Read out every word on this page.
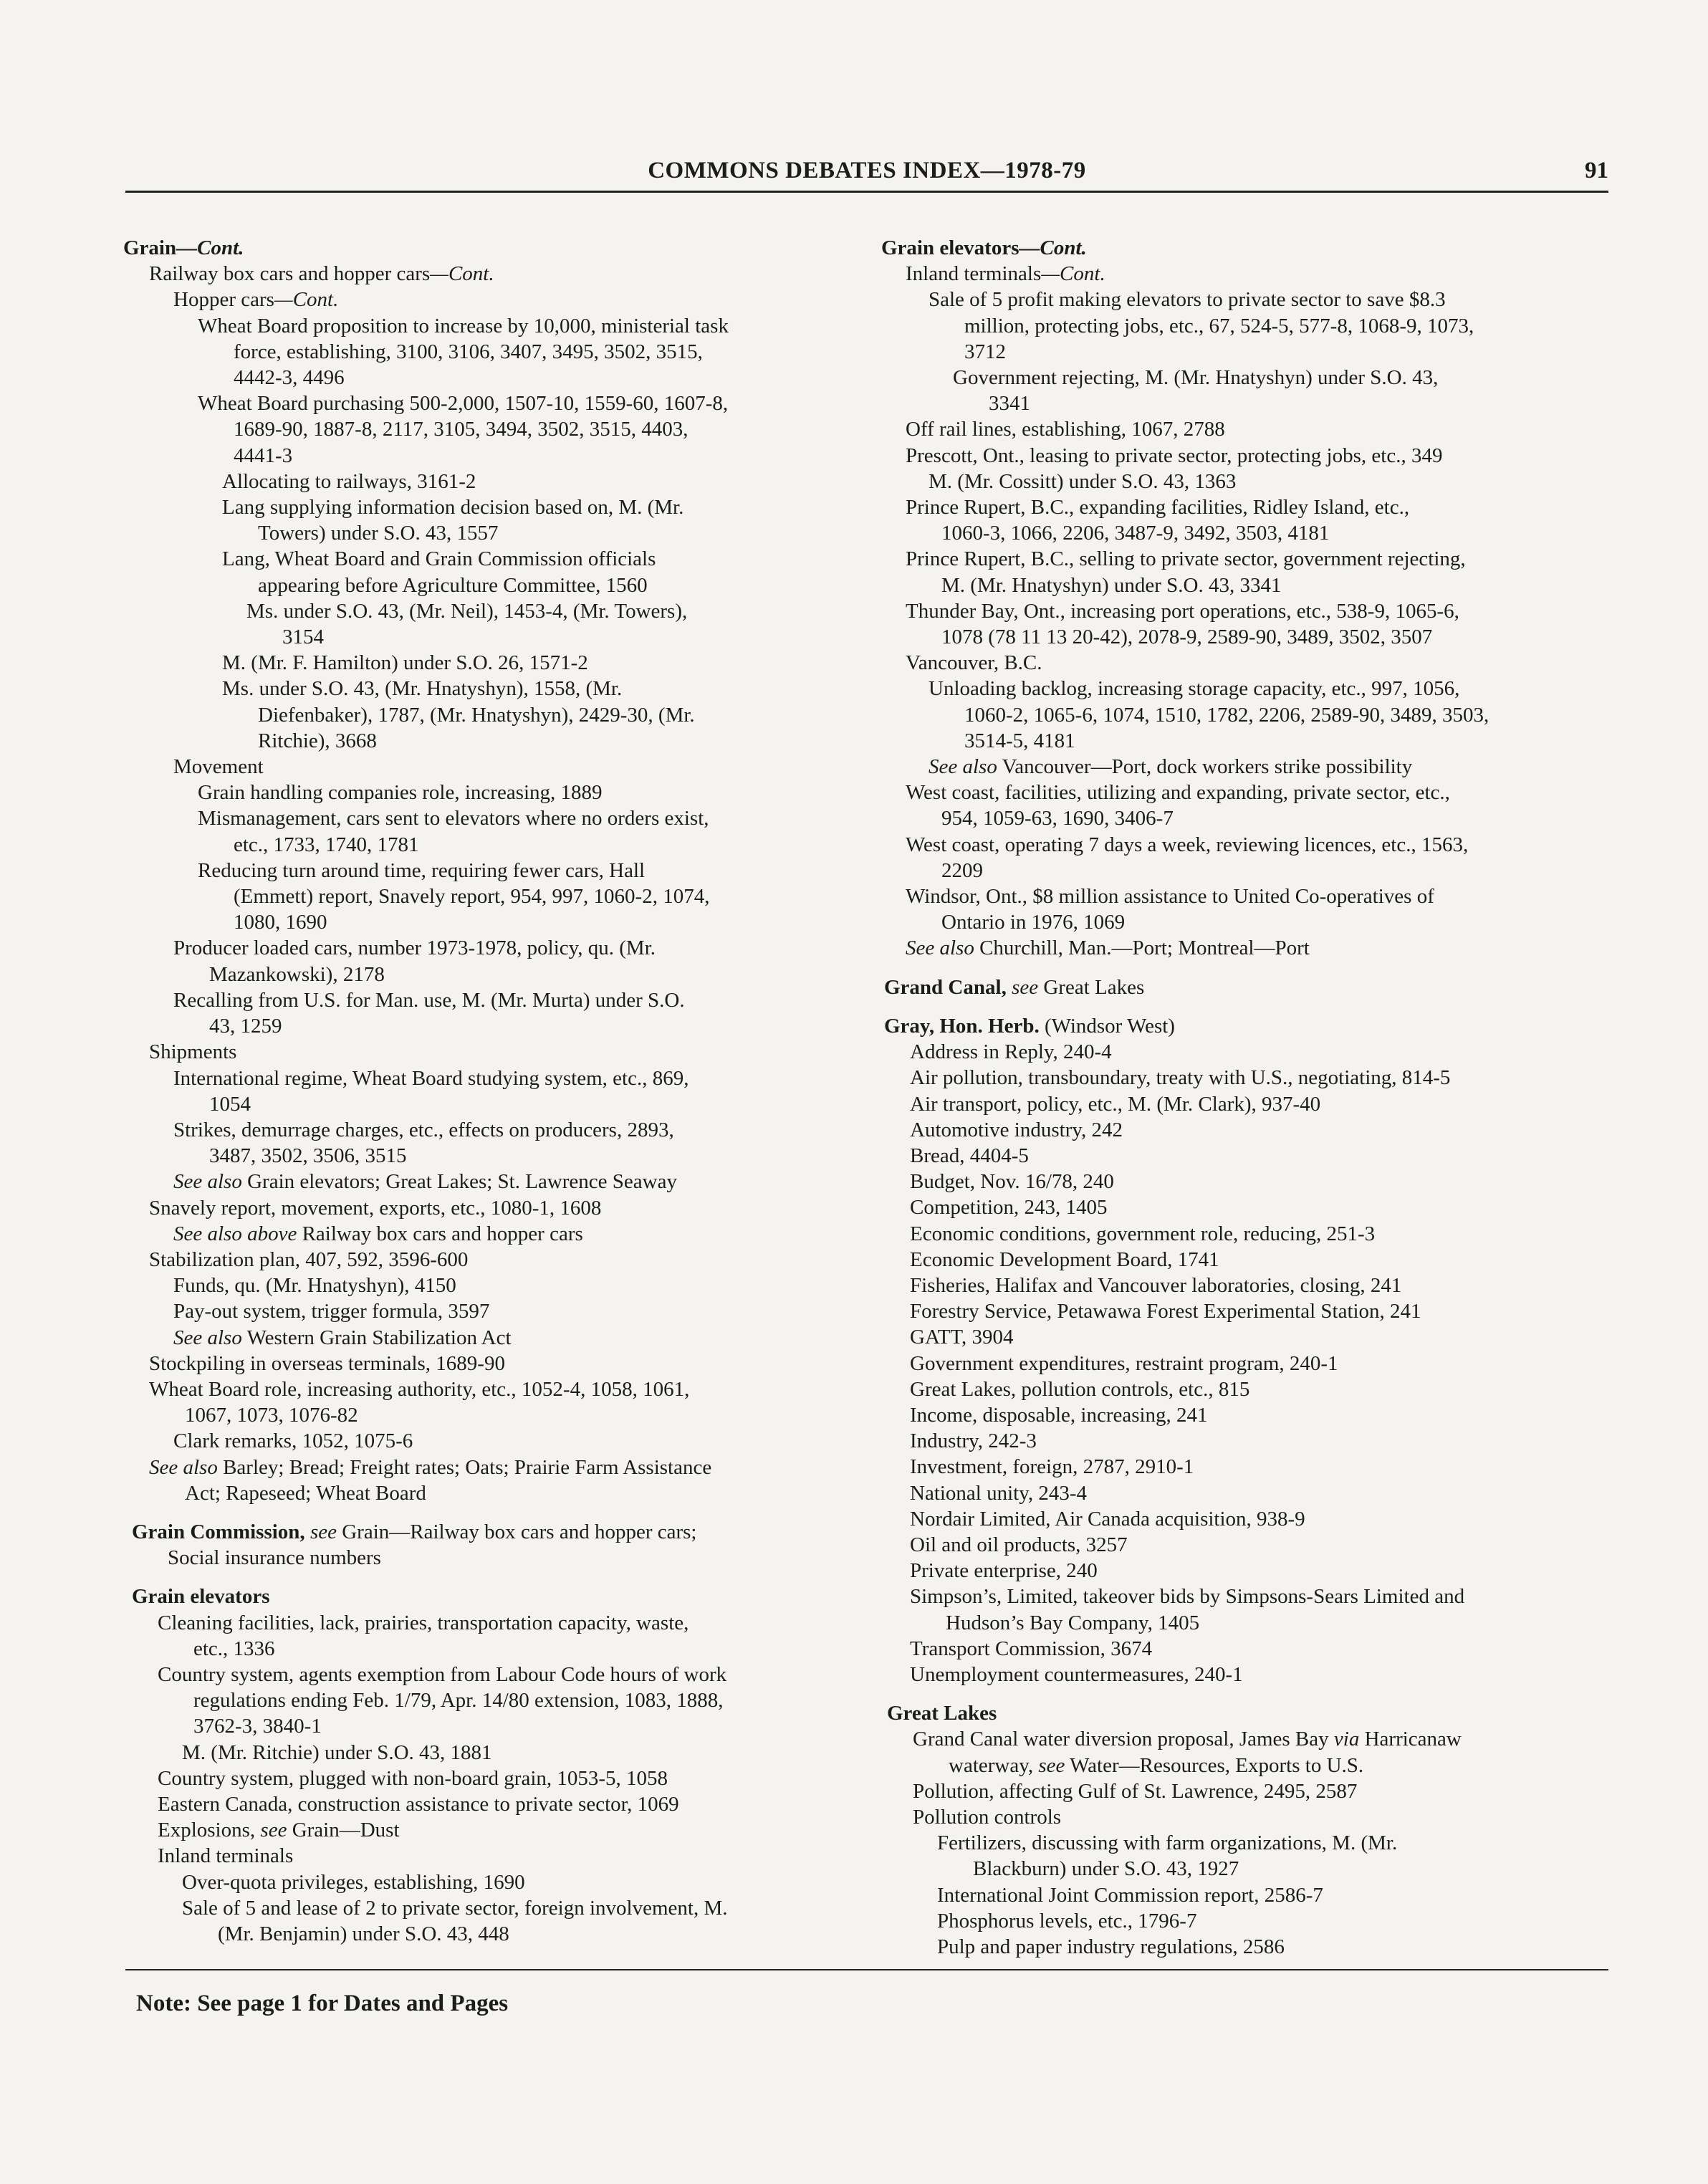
COMMONS DEBATES INDEX—1978-79	91
Grain—Cont.
Railway box cars and hopper cars—Cont.
Hopper cars—Cont.
Wheat Board proposition to increase by 10,000, ministerial task
force, establishing, 3100, 3106, 3407, 3495, 3502, 3515,
4442-3, 4496
Wheat Board purchasing 500-2,000, 1507-10, 1559-60, 1607-8,
1689-90, 1887-8, 2117, 3105, 3494, 3502, 3515, 4403,
4441-3
Allocating to railways, 3161-2
Lang supplying information decision based on, M. (Mr.
Towers) under S.O. 43, 1557
Lang, Wheat Board and Grain Commission officials
appearing before Agriculture Committee, 1560
Ms. under S.O. 43, (Mr. Neil), 1453-4, (Mr. Towers),
3154
M. (Mr. F. Hamilton) under S.O. 26, 1571-2
Ms. under S.O. 43, (Mr. Hnatyshyn), 1558, (Mr.
Diefenbaker), 1787, (Mr. Hnatyshyn), 2429-30, (Mr.
Ritchie), 3668
Movement
Grain handling companies role, increasing, 1889
Mismanagement, cars sent to elevators where no orders exist,
etc., 1733, 1740, 1781
Reducing turn around time, requiring fewer cars, Hall
(Emmett) report, Snavely report, 954, 997, 1060-2, 1074,
1080, 1690
Producer loaded cars, number 1973-1978, policy, qu. (Mr.
Mazankowski), 2178
Recalling from U.S. for Man. use, M. (Mr. Murta) under S.O.
43, 1259
Shipments
International regime, Wheat Board studying system, etc., 869,
1054
Strikes, demurrage charges, etc., effects on producers, 2893,
3487, 3502, 3506, 3515
See also Grain elevators; Great Lakes; St. Lawrence Seaway
Snavely report, movement, exports, etc., 1080-1, 1608
See also above Railway box cars and hopper cars
Stabilization plan, 407, 592, 3596-600
Funds, qu. (Mr. Hnatyshyn), 4150
Pay-out system, trigger formula, 3597
See also Western Grain Stabilization Act
Stockpiling in overseas terminals, 1689-90
Wheat Board role, increasing authority, etc., 1052-4, 1058, 1061,
1067, 1073, 1076-82
Clark remarks, 1052, 1075-6
See also Barley; Bread; Freight rates; Oats; Prairie Farm Assistance
Act; Rapeseed; Wheat Board
Grain Commission, see Grain—Railway box cars and hopper cars;
Social insurance numbers
Grain elevators
Cleaning facilities, lack, prairies, transportation capacity, waste,
etc., 1336
Country system, agents exemption from Labour Code hours of work
regulations ending Feb. 1/79, Apr. 14/80 extension, 1083, 1888,
3762-3, 3840-1
M. (Mr. Ritchie) under S.O. 43, 1881
Country system, plugged with non-board grain, 1053-5, 1058
Eastern Canada, construction assistance to private sector, 1069
Explosions, see Grain—Dust
Inland terminals
Over-quota privileges, establishing, 1690
Sale of 5 and lease of 2 to private sector, foreign involvement, M.
(Mr. Benjamin) under S.O. 43, 448
Grain elevators—Cont.
Inland terminals—Cont.
Sale of 5 profit making elevators to private sector to save $8.3
million, protecting jobs, etc., 67, 524-5, 577-8, 1068-9, 1073,
3712
Government rejecting, M. (Mr. Hnatyshyn) under S.O. 43,
3341
Off rail lines, establishing, 1067, 2788
Prescott, Ont., leasing to private sector, protecting jobs, etc., 349
M. (Mr. Cossitt) under S.O. 43, 1363
Prince Rupert, B.C., expanding facilities, Ridley Island, etc.,
1060-3, 1066, 2206, 3487-9, 3492, 3503, 4181
Prince Rupert, B.C., selling to private sector, government rejecting,
M. (Mr. Hnatyshyn) under S.O. 43, 3341
Thunder Bay, Ont., increasing port operations, etc., 538-9, 1065-6,
1078 (78 11 13 20-42), 2078-9, 2589-90, 3489, 3502, 3507
Vancouver, B.C.
Unloading backlog, increasing storage capacity, etc., 997, 1056,
1060-2, 1065-6, 1074, 1510, 1782, 2206, 2589-90, 3489, 3503,
3514-5, 4181
See also Vancouver—Port, dock workers strike possibility
West coast, facilities, utilizing and expanding, private sector, etc.,
954, 1059-63, 1690, 3406-7
West coast, operating 7 days a week, reviewing licences, etc., 1563,
2209
Windsor, Ont., $8 million assistance to United Co-operatives of
Ontario in 1976, 1069
See also Churchill, Man.—Port; Montreal—Port
Grand Canal, see Great Lakes
Gray, Hon. Herb. (Windsor West)
Address in Reply, 240-4
Air pollution, transboundary, treaty with U.S., negotiating, 814-5
Air transport, policy, etc., M. (Mr. Clark), 937-40
Automotive industry, 242
Bread, 4404-5
Budget, Nov. 16/78, 240
Competition, 243, 1405
Economic conditions, government role, reducing, 251-3
Economic Development Board, 1741
Fisheries, Halifax and Vancouver laboratories, closing, 241
Forestry Service, Petawawa Forest Experimental Station, 241
GATT, 3904
Government expenditures, restraint program, 240-1
Great Lakes, pollution controls, etc., 815
Income, disposable, increasing, 241
Industry, 242-3
Investment, foreign, 2787, 2910-1
National unity, 243-4
Nordair Limited, Air Canada acquisition, 938-9
Oil and oil products, 3257
Private enterprise, 240
Simpson’s, Limited, takeover bids by Simpsons-Sears Limited and
Hudson’s Bay Company, 1405
Transport Commission, 3674
Unemployment countermeasures, 240-1
Great Lakes
Grand Canal water diversion proposal, James Bay via Harricanaw
waterway, see Water—Resources, Exports to U.S.
Pollution, affecting Gulf of St. Lawrence, 2495, 2587
Pollution controls
Fertilizers, discussing with farm organizations, M. (Mr.
Blackburn) under S.O. 43, 1927
International Joint Commission report, 2586-7
Phosphorus levels, etc., 1796-7
Pulp and paper industry regulations, 2586
Note: See page 1 for Dates and Pages
